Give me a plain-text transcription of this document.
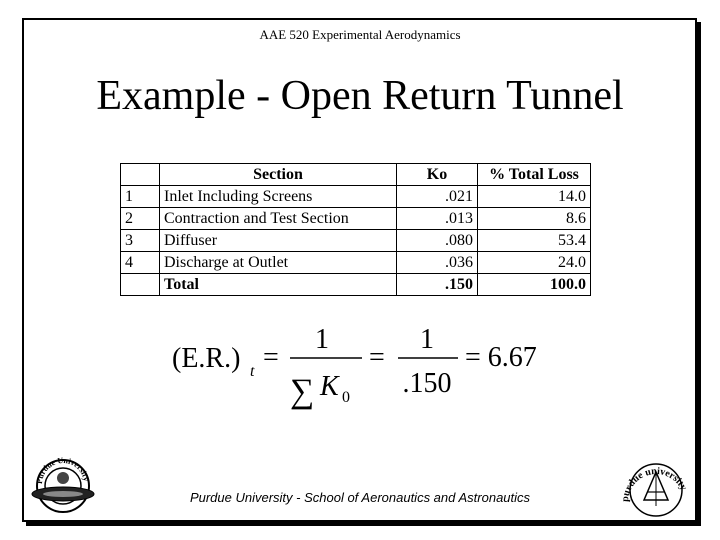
AAE 520 Experimental Aerodynamics
Example - Open Return Tunnel
	Section	Ko	% Total Loss
1	Inlet Including Screens	.021	14.0
2	Contraction and Test Section	.013	8.6
3	Diffuser	.080	53.4
4	Discharge at Outlet	.036	24.0
	Total	.150	100.0
(E.R.) t =
1
∑ K 0
=
1
.150
= 6.67
Purdue University - School of Aeronautics and Astronautics
Purdue University
purdue university
